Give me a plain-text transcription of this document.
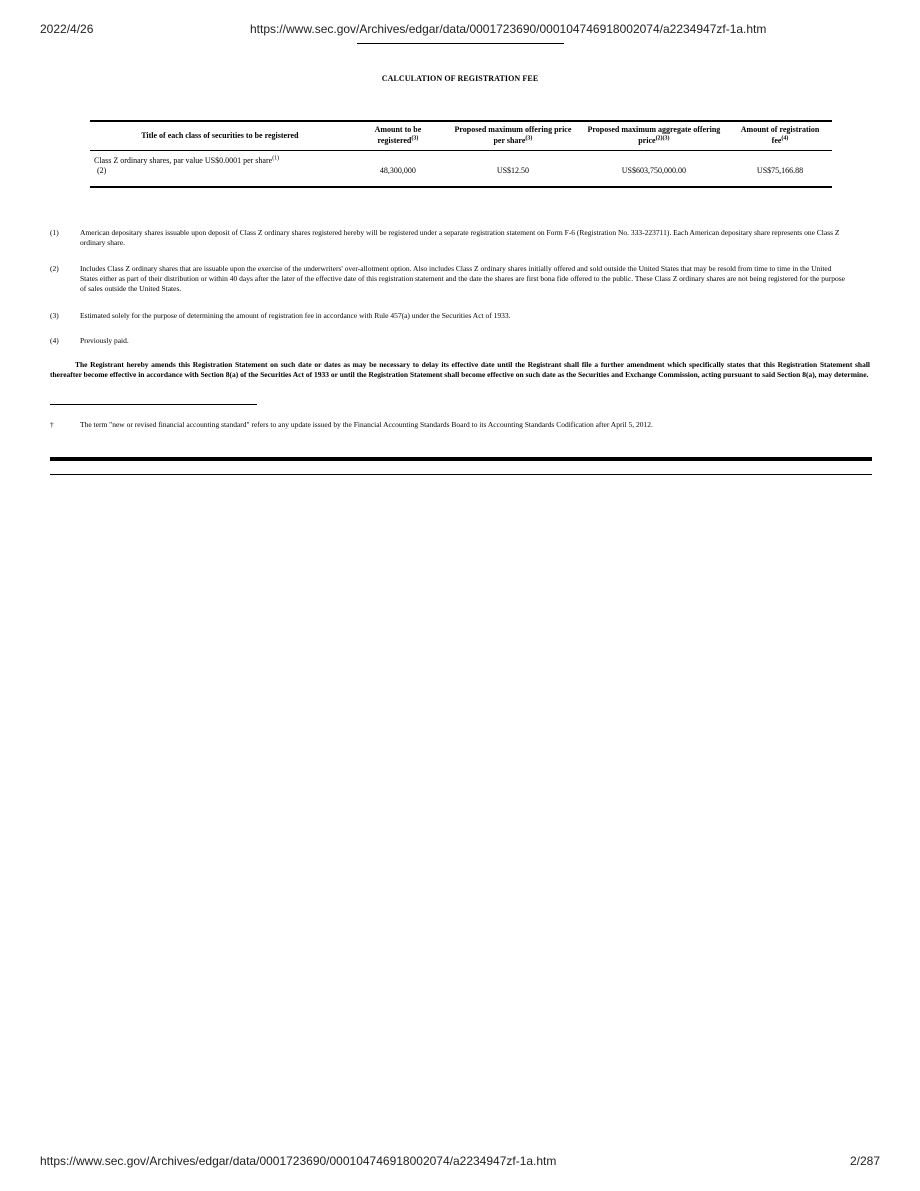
2022/4/26	https://www.sec.gov/Archives/edgar/data/0001723690/000104746918002074/a2234947zf-1a.htm
CALCULATION OF REGISTRATION FEE
Title of each class of securities to be registered	Amount to be registered$^{(3)}$	Proposed maximum offering price per share$^{(3)}$	Proposed maximum aggregate offering price$^{(2)(3)}$	Amount of registration fee$^{(4)}$
Class Z ordinary shares, par value US$0.0001 per share$^{(1)}$
(2)	48,300,000	US$12.50	US$603,750,000.00	US$75,166.88
(1)	American depositary shares issuable upon deposit of Class Z ordinary shares registered hereby will be registered under a separate registration statement on Form F-6 (Registration No. 333-223711). Each American depositary share represents one Class Z ordinary share.
(2)	Includes Class Z ordinary shares that are issuable upon the exercise of the underwriters' over-allotment option. Also includes Class Z ordinary shares initially offered and sold outside the United States that may be resold from time to time in the United States either as part of their distribution or within 40 days after the later of the effective date of this registration statement and the date the shares are first bona fide offered to the public. These Class Z ordinary shares are not being registered for the purpose of sales outside the United States.
(3)	Estimated solely for the purpose of determining the amount of registration fee in accordance with Rule 457(a) under the Securities Act of 1933.
(4)	Previously paid.
The Registrant hereby amends this Registration Statement on such date or dates as may be necessary to delay its effective date until the Registrant shall file a further amendment which specifically states that this Registration Statement shall thereafter become effective in accordance with Section 8(a) of the Securities Act of 1933 or until the Registration Statement shall become effective on such date as the Securities and Exchange Commission, acting pursuant to said Section 8(a), may determine.
†	The term "new or revised financial accounting standard" refers to any update issued by the Financial Accounting Standards Board to its Accounting Standards Codification after April 5, 2012.
https://www.sec.gov/Archives/edgar/data/0001723690/000104746918002074/a2234947zf-1a.htm	2/287
